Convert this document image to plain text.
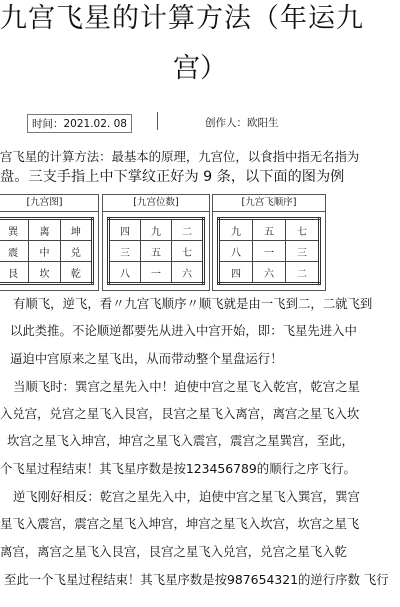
九宫飞星的计算方法（年运九
宫）
时间：2021.02. 08	创作人：欧阳生
宫飞星的计算方法：最基本的原理，九宫位，以食指中指无名指为
盘。三支手指上中下掌纹正好为 9 条，以下面的图为例
[九宫图]
巽	离	坤
震	中	兑
艮	坎	乾
[九宫位数]
四	九	二
三	五	七
八	一	六
[九宫飞顺序]
九	五	七
八	一	三
四	六	二
有顺飞，逆飞，看〃九宫飞顺序〃顺飞就是由一飞到二，二就飞到
以此类推。不论顺逆都要先从进入中宫开始，即：飞星先进入中
逼迫中宫原来之星飞出，从而带动整个星盘运行！
当顺飞时：巽宫之星先入中！迫使中宫之星飞入乾宫，乾宫之星
入兑宫，兑宫之星飞入艮宫，艮宫之星飞入离宫，离宫之星飞入坎
坎宫之星飞入坤宫，坤宫之星飞入震宫，震宫之星巽宫，至此，
个飞星过程结束！其飞星序数是按123456789的顺行之序飞行。
逆飞刚好相反：乾宫之星先入中，迫使中宫之星飞入巽宫，巽宫
星飞入震宫，震宫之星飞入坤宫，坤宫之星飞入坎宫，坎宫之星飞
离宫，离宫之星飞入艮宫，艮宫之星飞入兑宫，兑宫之星飞入乾
至此一个飞星过程结束！其飞星序数是按987654321的逆行序数 飞行
